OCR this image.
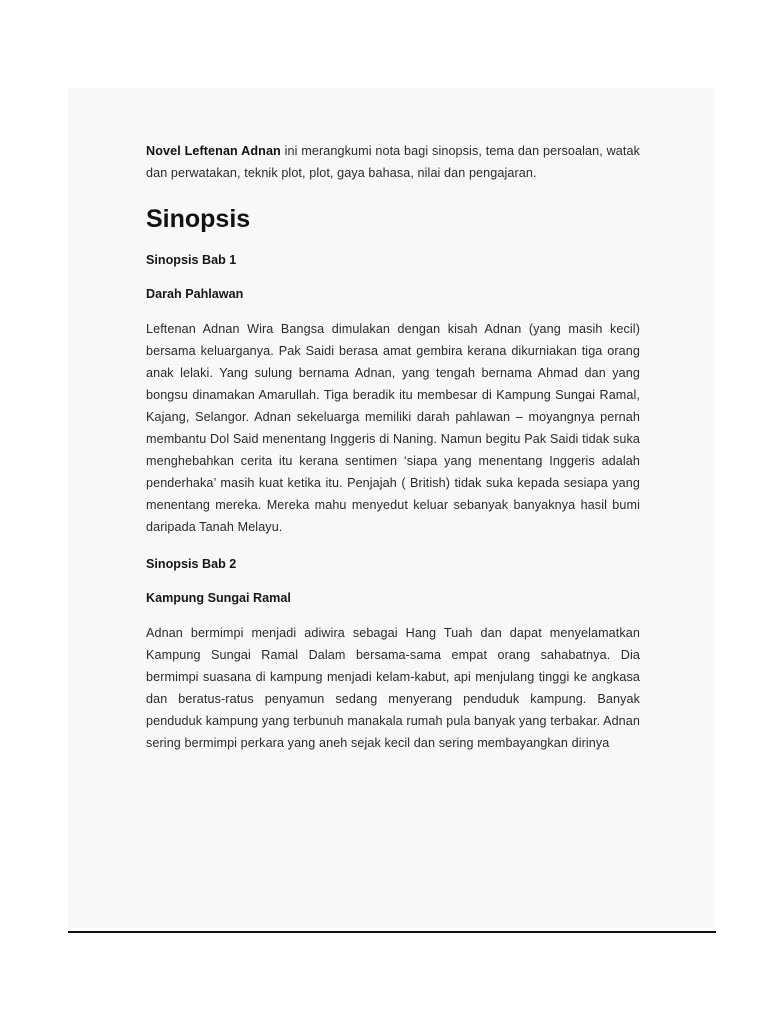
Novel Leftenan Adnan ini merangkumi nota bagi sinopsis, tema dan persoalan, watak dan perwatakan, teknik plot, plot, gaya bahasa, nilai dan pengajaran.

Sinopsis
Sinopsis Bab 1
Darah Pahlawan

Leftenan Adnan Wira Bangsa dimulakan dengan kisah Adnan (yang masih kecil) bersama keluarganya. Pak Saidi berasa amat gembira kerana dikurniakan tiga orang anak lelaki. Yang sulung bernama Adnan, yang tengah bernama Ahmad dan yang bongsu dinamakan Amarullah. Tiga beradik itu membesar di Kampung Sungai Ramal, Kajang, Selangor. Adnan sekeluarga memiliki darah pahlawan – moyangnya pernah membantu Dol Said menentang Inggeris di Naning. Namun begitu Pak Saidi tidak suka menghebahkan cerita itu kerana sentimen ‘siapa yang menentang Inggeris adalah penderhaka’ masih kuat ketika itu. Penjajah ( British) tidak suka kepada sesiapa yang menentang mereka. Mereka mahu menyedut keluar sebanyak banyaknya hasil bumi daripada Tanah Melayu.

Sinopsis Bab 2
Kampung Sungai Ramal

Adnan bermimpi menjadi adiwira sebagai Hang Tuah dan dapat menyelamatkan Kampung Sungai Ramal Dalam bersama-sama empat orang sahabatnya. Dia bermimpi suasana di kampung menjadi kelam-kabut, api menjulang tinggi ke angkasa dan beratus-ratus penyamun sedang menyerang penduduk kampung. Banyak penduduk kampung yang terbunuh manakala rumah pula banyak yang terbakar. Adnan sering bermimpi perkara yang aneh sejak kecil dan sering membayangkan dirinya
